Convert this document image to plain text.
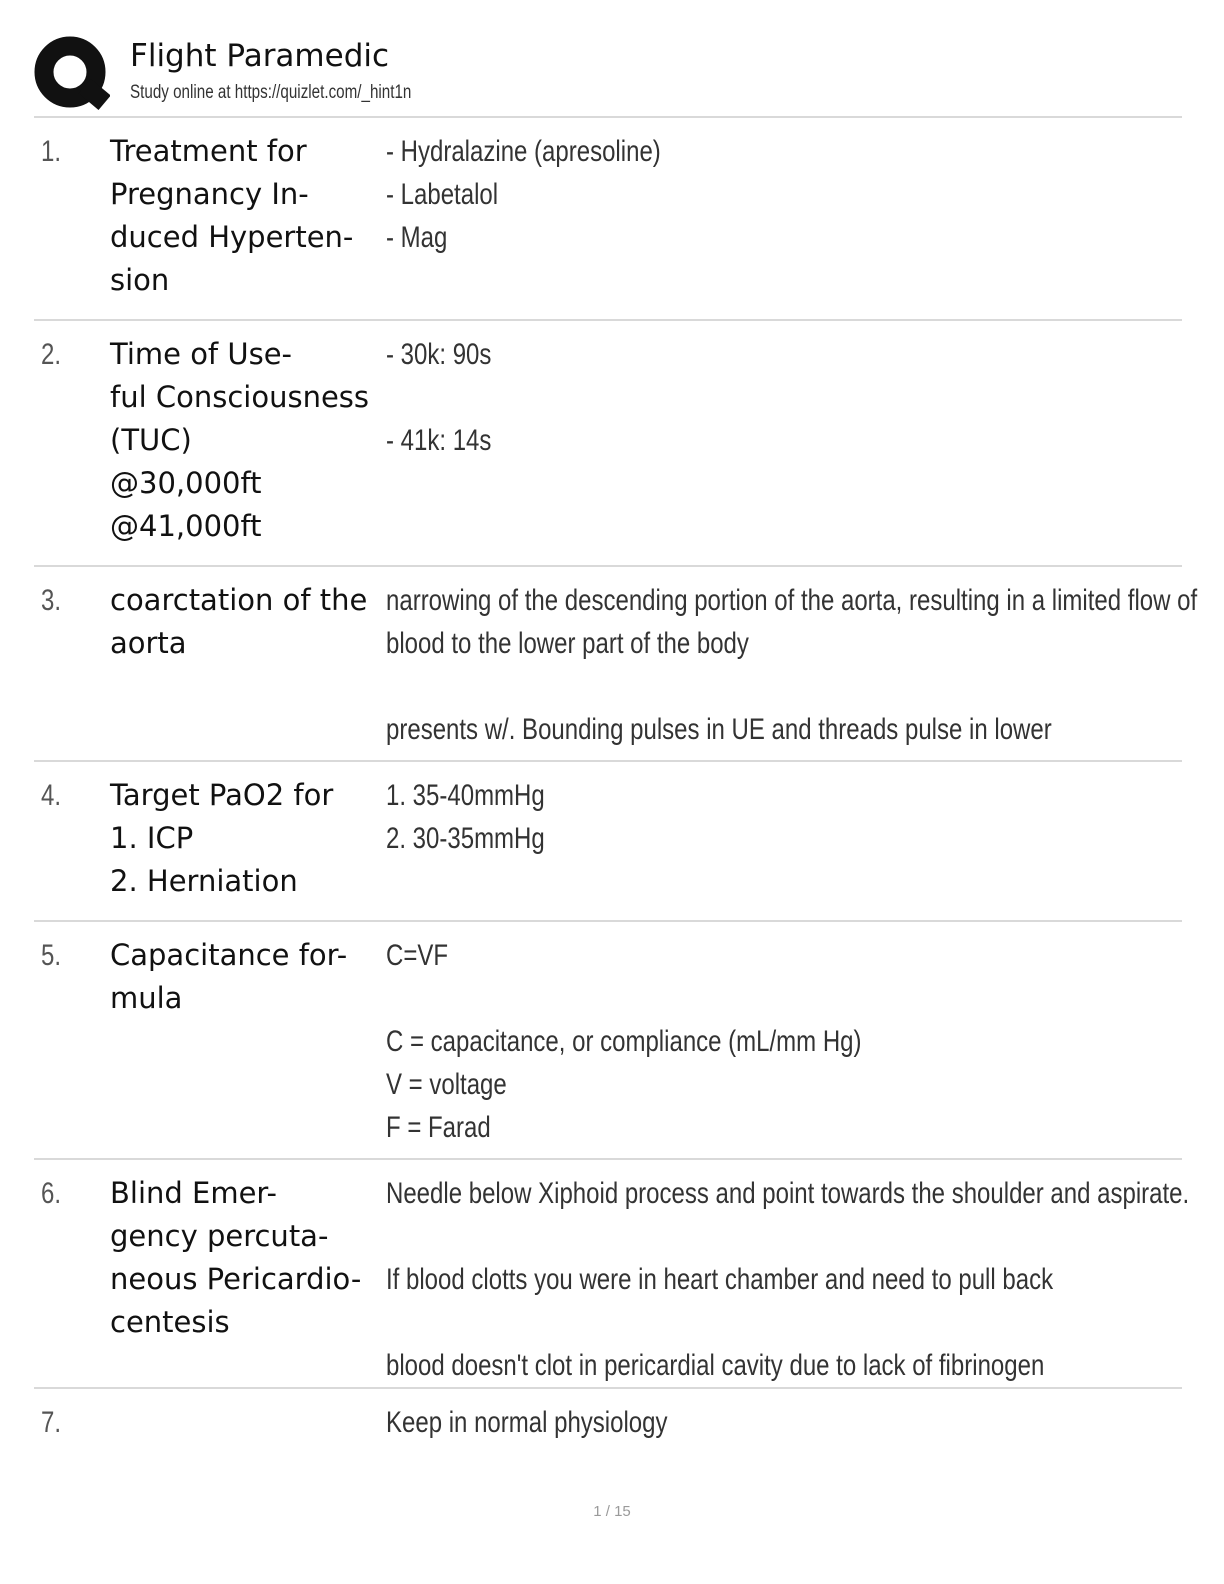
Flight Paramedic
Study online at https://quizlet.com/_hint1n
1. Treatment for
Pregnancy In-
duced Hyperten-
sion
- Hydralazine (apresoline)
- Labetalol
- Mag
2. Time of Use-
ful Consciousness
(TUC)
@30,000ft
@41,000ft
- 30k: 90s

- 41k: 14s
3. coarctation of the
aorta
narrowing of the descending portion of the aorta, resulting in a limited flow of
blood to the lower part of the body

presents w/. Bounding pulses in UE and threads pulse in lower
4. Target PaO2 for
1. ICP
2. Herniation
1. 35-40mmHg
2. 30-35mmHg
5. Capacitance for-
mula
C=VF

C = capacitance, or compliance (mL/mm Hg)
V = voltage
F = Farad
6. Blind Emer-
gency percuta-
neous Pericardio-
centesis
Needle below Xiphoid process and point towards the shoulder and aspirate.

If blood clotts you were in heart chamber and need to pull back

blood doesn't clot in pericardial cavity due to lack of fibrinogen
7.	Keep in normal physiology
1 / 15
